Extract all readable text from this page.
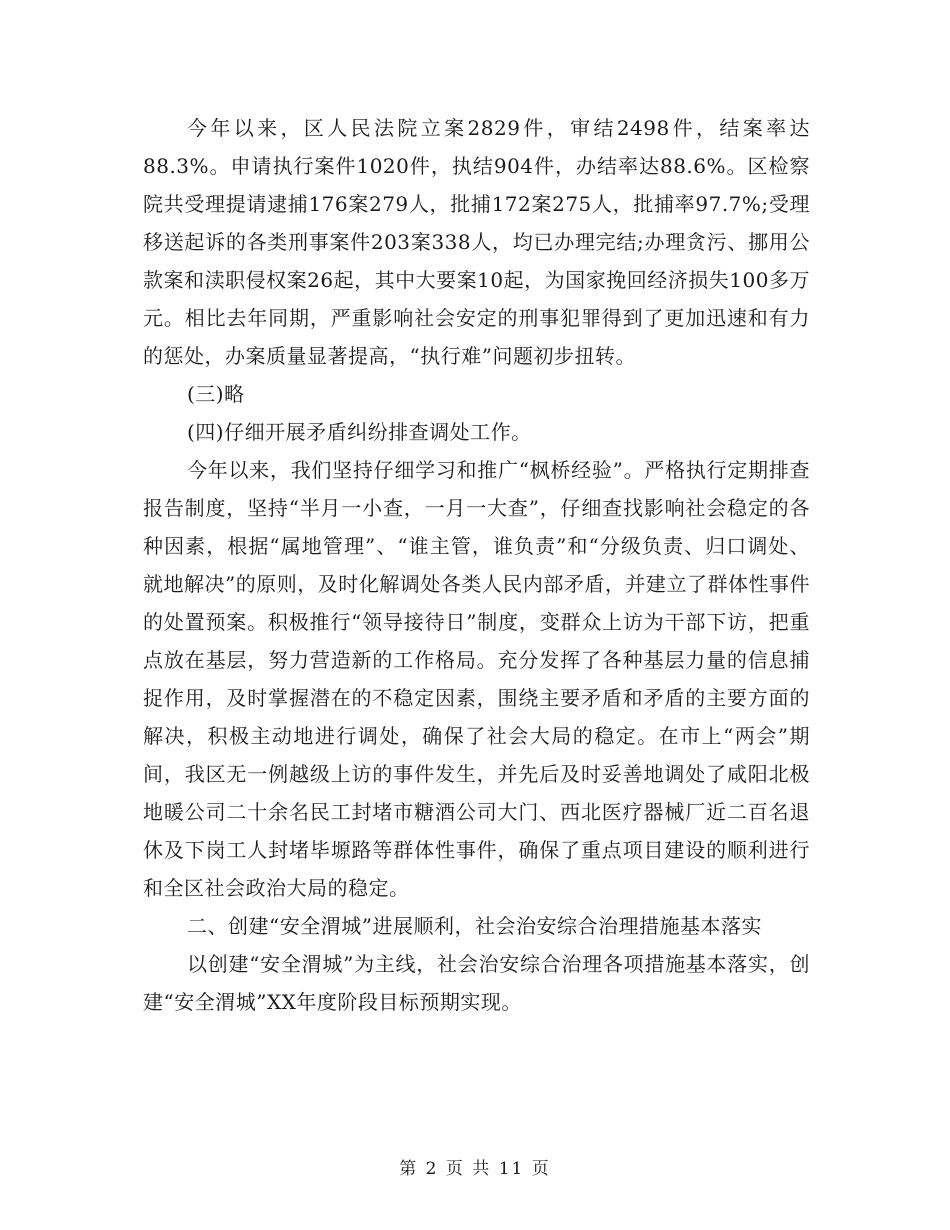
今年以来，区人民法院立案2829件，审结2498件，结案率达88.3%。申请执行案件1020件，执结904件，办结率达88.6%。区检察院共受理提请逮捕176案279人，批捕172案275人，批捕率97.7%;受理移送起诉的各类刑事案件203案338人，均已办理完结;办理贪污、挪用公款案和渎职侵权案26起，其中大要案10起，为国家挽回经济损失100多万元。相比去年同期，严重影响社会安定的刑事犯罪得到了更加迅速和有力的惩处，办案质量显著提高，“执行难”问题初步扭转。

(三)略

(四)仔细开展矛盾纠纷排查调处工作。

今年以来，我们坚持仔细学习和推广“枫桥经验”。严格执行定期排查报告制度，坚持“半月一小查，一月一大查”，仔细查找影响社会稳定的各种因素，根据“属地管理”、“谁主管，谁负责”和“分级负责、归口调处、就地解决”的原则，及时化解调处各类人民内部矛盾，并建立了群体性事件的处置预案。积极推行“领导接待日”制度，变群众上访为干部下访，把重点放在基层，努力营造新的工作格局。充分发挥了各种基层力量的信息捕捉作用，及时掌握潜在的不稳定因素，围绕主要矛盾和矛盾的主要方面的解决，积极主动地进行调处，确保了社会大局的稳定。在市上“两会”期间，我区无一例越级上访的事件发生，并先后及时妥善地调处了咸阳北极地暖公司二十余名民工封堵市糖酒公司大门、西北医疗器械厂近二百名退休及下岗工人封堵毕塬路等群体性事件，确保了重点项目建设的顺利进行和全区社会政治大局的稳定。

二、创建“安全渭城”进展顺利，社会治安综合治理措施基本落实

以创建“安全渭城”为主线，社会治安综合治理各项措施基本落实，创建“安全渭城”XX年度阶段目标预期实现。

第 2 页 共 11 页
